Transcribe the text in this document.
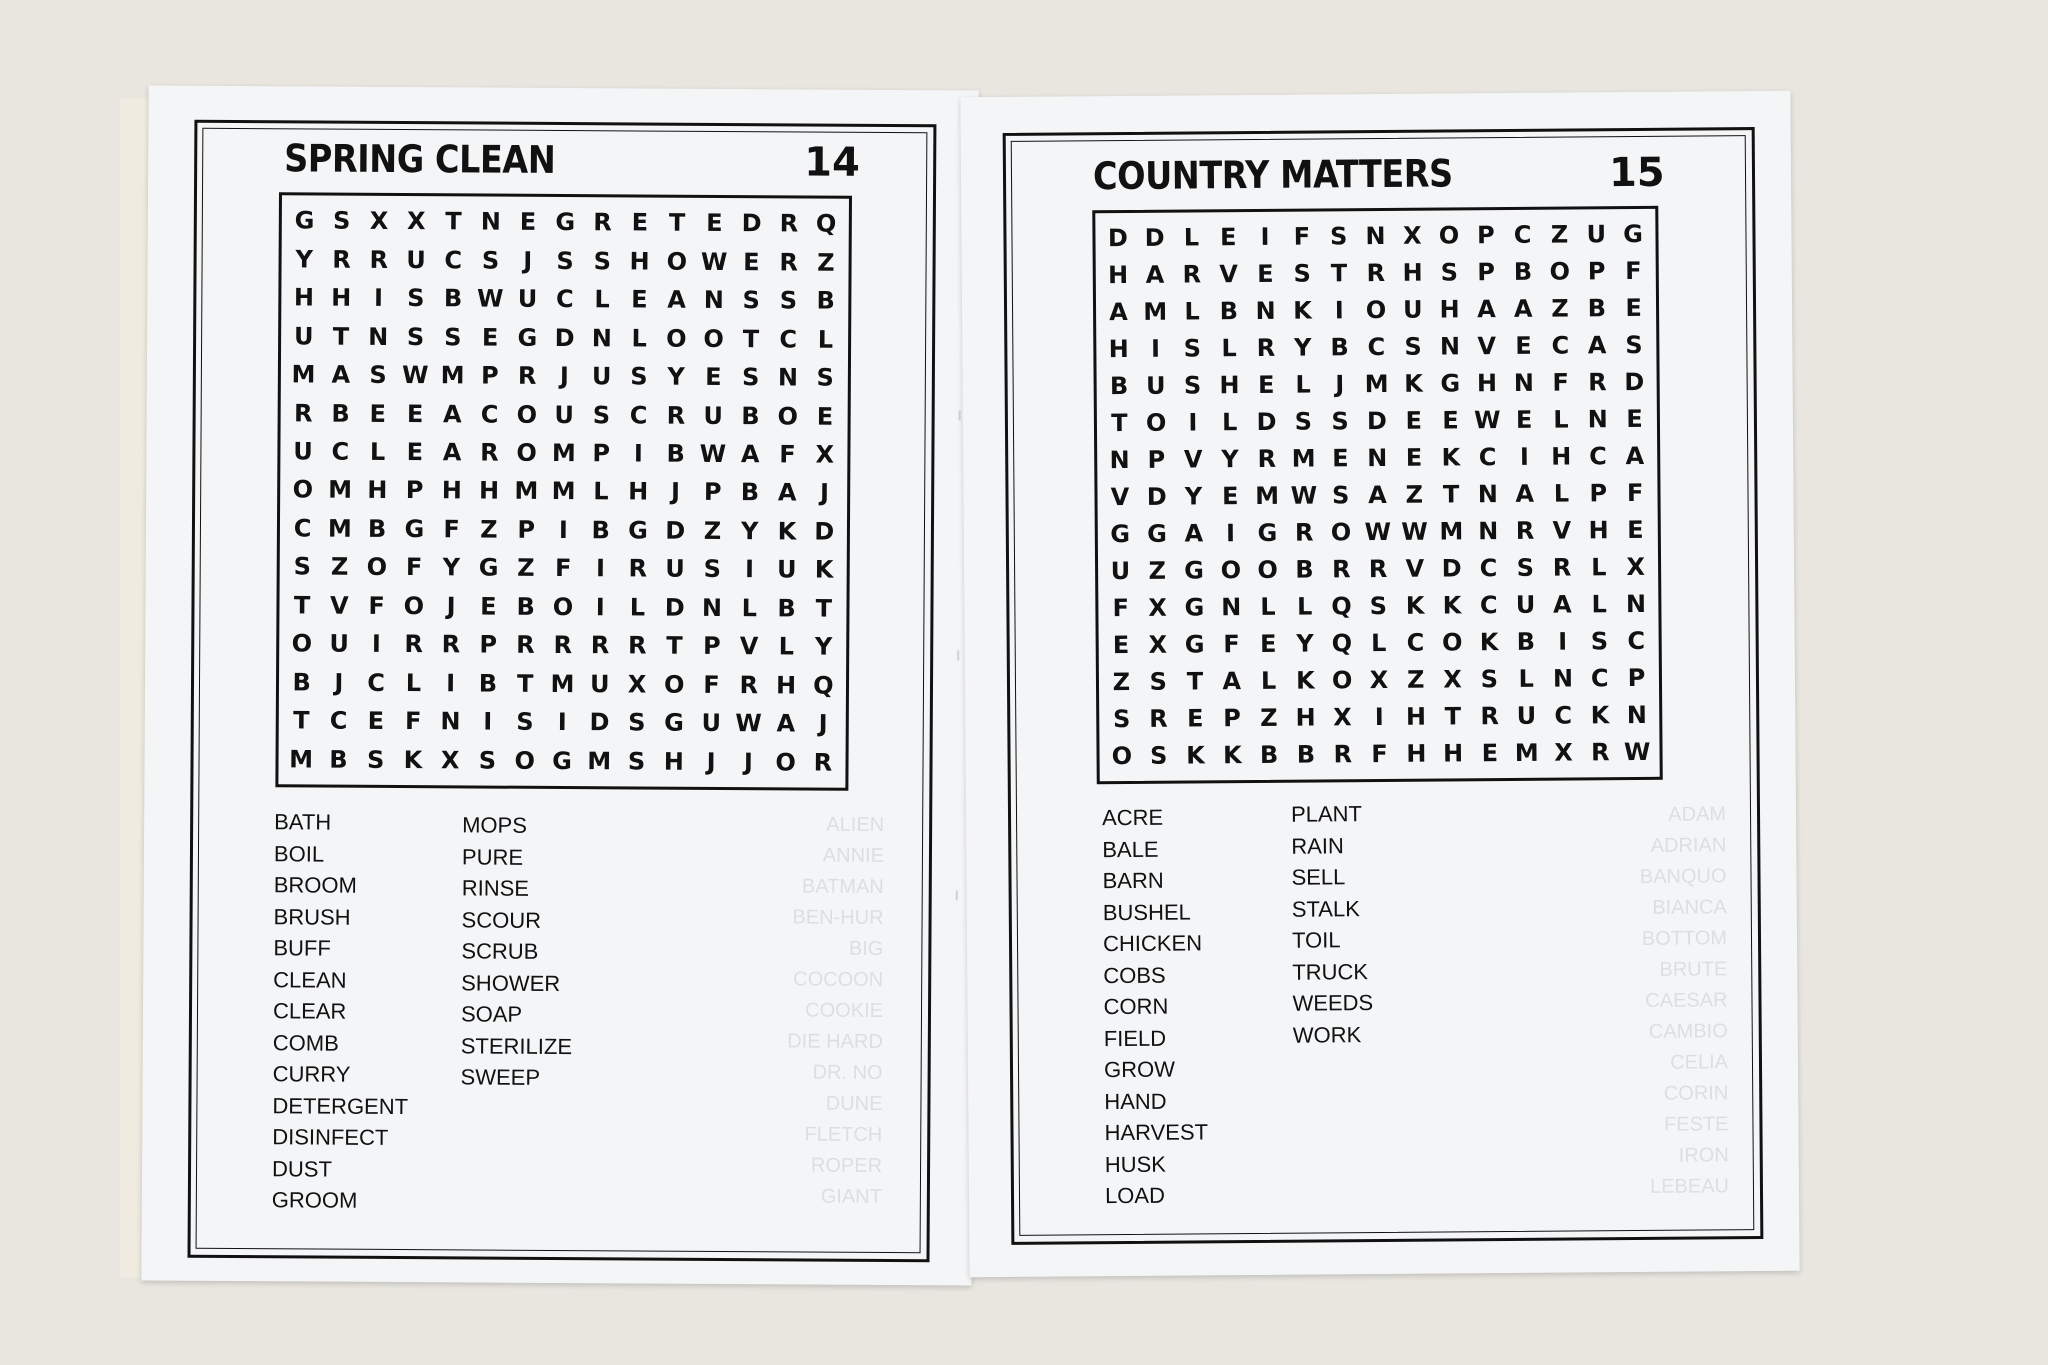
SPRING CLEAN	14
G S X X T N E G R E T E D R Q
Y R R U C S J S S H O W E R Z
H H I S B W U C L E A N S S B
U T N S S E G D N L O O T C L
M A S W M P R J U S Y E S N S
R B E E A C O U S C R U B O E
U C L E A R O M P I B W A F X
O M H P H H M M L H J P B A J
C M B G F Z P I B G D Z Y K D
S Z O F Y G Z F	I R U S I U K
T V F O J	E B O I	L D N L B T
O U I R R P R R R R T P V L Y
B J C L	I B T M U X O F R H Q
T C E F N I S I D S G U W A J
M B S K X S O G M S H J	J O R
BATH
BOIL
BROOM
BRUSH
BUFF
CLEAN
CLEAR
COMB
CURRY
DETERGENT
DISINFECT
DUST
GROOM
MOPS
PURE
RINSE
SCOUR
SCRUB
SHOWER
SOAP
STERILIZE
SWEEP
ALIEN
ANNIE
BATMAN
BEN-HUR
BIG
COCOON
COOKIE
DIE HARD
DR. NO
DUNE
FLETCH
ROPER
GIANT
COUNTRY MATTERS	15
D D L E I F S N X O P C Z U G
H A R V E S T R H S P B O P F
A M L B N K I O U H A A Z B E
H I S L R Y B C S N V E C A S
B U S H E L	J M K G H N F R D
T O I	L D S S D E E W E L N E
N P V Y R M E N E K C I H C A
V D Y E M W S A Z T N A L P F
G G A I G R O W W M N R V H E
U Z G O O B R R V D C S R L X
F X G N L L Q S K K C U A L N
E X G F E Y Q L C O K B I S C
Z S T A L K O X Z X S L N C P
S R E P Z H X I H T R U C K N
O S K K B B R F H H E M X R W
ACRE
BALE
BARN
BUSHEL
CHICKEN
COBS
CORN
FIELD
GROW
HAND
HARVEST
HUSK
LOAD
PLANT
RAIN
SELL
STALK
TOIL
TRUCK
WEEDS
WORK
ADAM
ADRIAN
BANQUO
BIANCA
BOTTOM
BRUTE
CAESAR
CAMBIO
CELIA
CORIN
FESTE
IRON
LEBEAU
